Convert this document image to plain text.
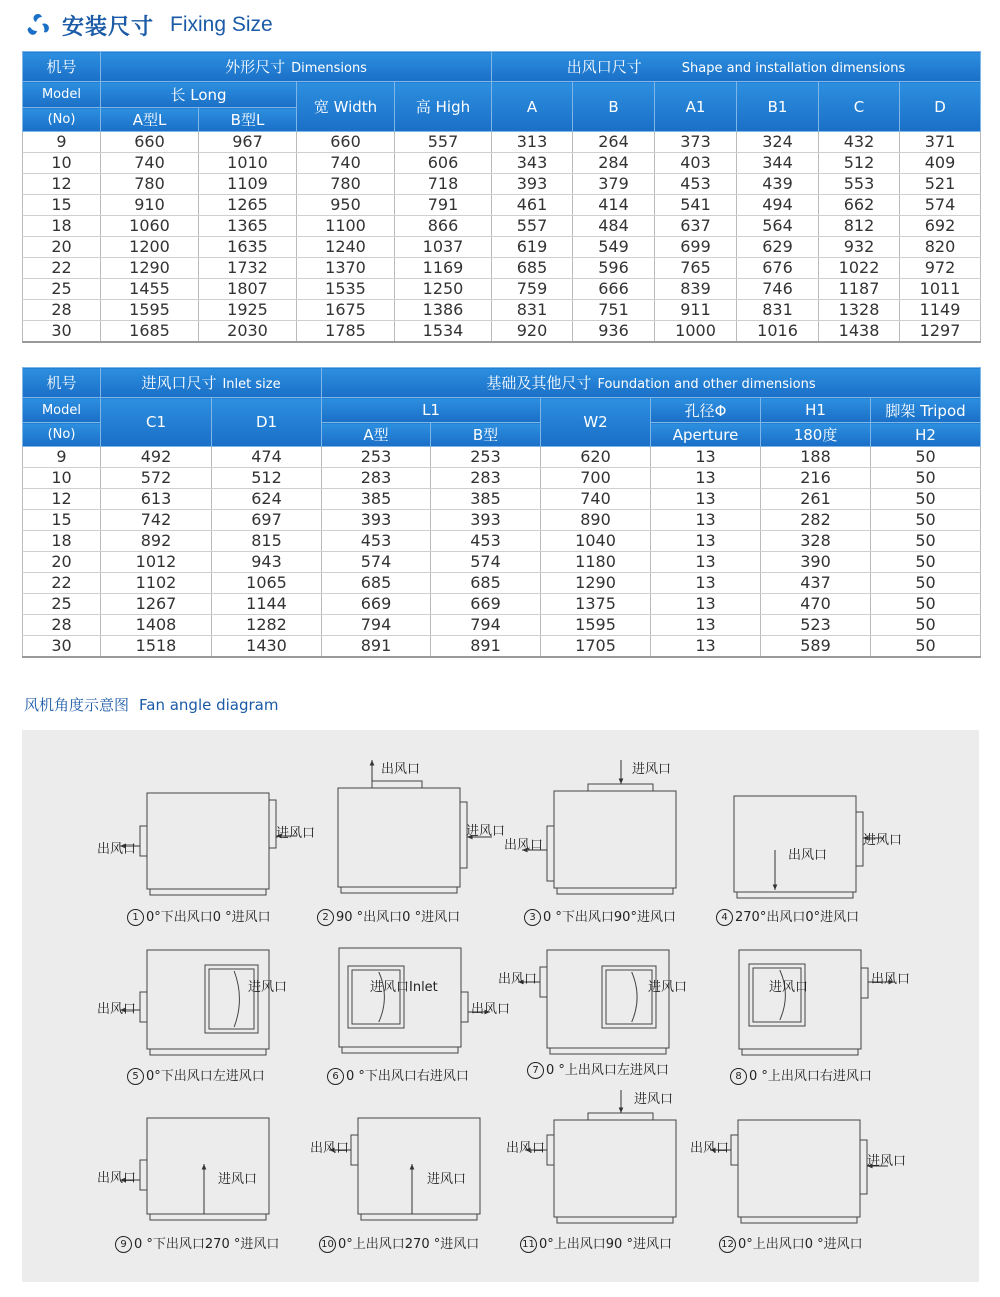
安装尺寸 Fixing Size
机号	外形尺寸 Dimensions				出风口尺寸 Shape and installation dimensions					
Model	长 Long		宽 Width	高 High	A	B	A1	B1	C	D
(No)	A型L	B型L								
9	660	967	660	557	313	264	373	324	432	371
10	740	1010	740	606	343	284	403	344	512	409
12	780	1109	780	718	393	379	453	439	553	521
15	910	1265	950	791	461	414	541	494	662	574
18	1060	1365	1100	866	557	484	637	564	812	692
20	1200	1635	1240	1037	619	549	699	629	932	820
22	1290	1732	1370	1169	685	596	765	676	1022	972
25	1455	1807	1535	1250	759	666	839	746	1187	1011
28	1595	1925	1675	1386	831	751	911	831	1328	1149
30	1685	2030	1785	1534	920	936	1000	1016	1438	1297
机号	进风口尺寸 Inlet size		基础及其他尺寸 Foundation and other dimensions					
Model	C1	D1	L1		W2	孔径Φ	H1	脚架 Tripod
(No)			A型	B型		Aperture	180度	H2
9	492	474	253	253	620	13	188	50
10	572	512	283	283	700	13	216	50
12	613	624	385	385	740	13	261	50
15	742	697	393	393	890	13	282	50
18	892	815	453	453	1040	13	328	50
20	1012	943	574	574	1180	13	390	50
22	1102	1065	685	685	1290	13	437	50
25	1267	1144	669	669	1375	13	470	50
28	1408	1282	794	794	1595	13	523	50
30	1518	1430	891	891	1705	13	589	50
风机角度示意图 Fan angle diagram
出风口
进风口
1 0°下出风口0 °进风口
出风口
进风口
2 90 °出风口0 °进风口
进风口
出风口
3 0 °下出风口90°进风口
出风口
进风口
4 270°出风口0°进风口
出风口
进风口
5 0°下出风口左进风口
进风口Inlet
出风口
6 0 °下出风口右进风口
出风口
进风口
7 0 °上出风口左进风口
进风口
出风口
8 0 °上出风口右进风口
出风口	进风口
9 0 °下出风口270 °进风口
出风口
进风口
10 0°上出风口270 °进风口
进风口
出风口
11 0°上出风口90 °进风口
出风口
进风口
12 0°上出风口0 °进风口
